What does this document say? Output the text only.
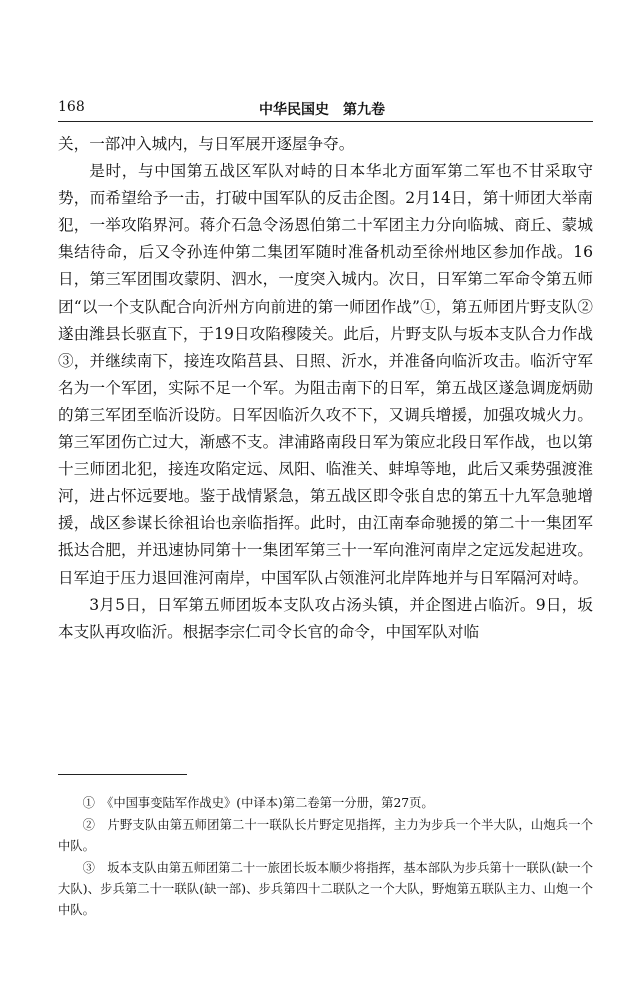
168	中华民国史　第九卷

关，一部冲入城内，与日军展开逐屋争夺。

是时，与中国第五战区军队对峙的日本华北方面军第二军也不甘采取守势，而希望给予一击，打破中国军队的反击企图。2月14日，第十师团大举南犯，一举攻陷界河。蒋介石急令汤恩伯第二十军团主力分向临城、商丘、蒙城集结待命，后又令孙连仲第二集团军随时准备机动至徐州地区参加作战。16日，第三军团围攻蒙阴、泗水，一度突入城内。次日，日军第二军命令第五师团“以一个支队配合向沂州方向前进的第一师团作战”①，第五师团片野支队②遂由潍县长驱直下，于19日攻陷穆陵关。此后，片野支队与坂本支队合力作战③，并继续南下，接连攻陷莒县、日照、沂水，并准备向临沂攻击。临沂守军名为一个军团，实际不足一个军。为阻击南下的日军，第五战区遂急调庞炳勋的第三军团至临沂设防。日军因临沂久攻不下，又调兵增援，加强攻城火力。第三军团伤亡过大，渐感不支。津浦路南段日军为策应北段日军作战，也以第十三师团北犯，接连攻陷定远、凤阳、临淮关、蚌埠等地，此后又乘势强渡淮河，进占怀远要地。鉴于战情紧急，第五战区即令张自忠的第五十九军急驰增援，战区参谋长徐祖诒也亲临指挥。此时，由江南奉命驰援的第二十一集团军抵达合肥，并迅速协同第十一集团军第三十一军向淮河南岸之定远发起进攻。日军迫于压力退回淮河南岸，中国军队占领淮河北岸阵地并与日军隔河对峙。

3月5日，日军第五师团坂本支队攻占汤头镇，并企图进占临沂。9日，坂本支队再攻临沂。根据李宗仁司令长官的命令，中国军队对临

①　《中国事变陆军作战史》(中译本)第二卷第一分册，第27页。

②　片野支队由第五师团第二十一联队长片野定见指挥，主力为步兵一个半大队，山炮兵一个中队。

③　坂本支队由第五师团第二十一旅团长坂本顺少将指挥，基本部队为步兵第十一联队(缺一个大队)、步兵第二十一联队(缺一部)、步兵第四十二联队之一个大队，野炮第五联队主力、山炮一个中队。
